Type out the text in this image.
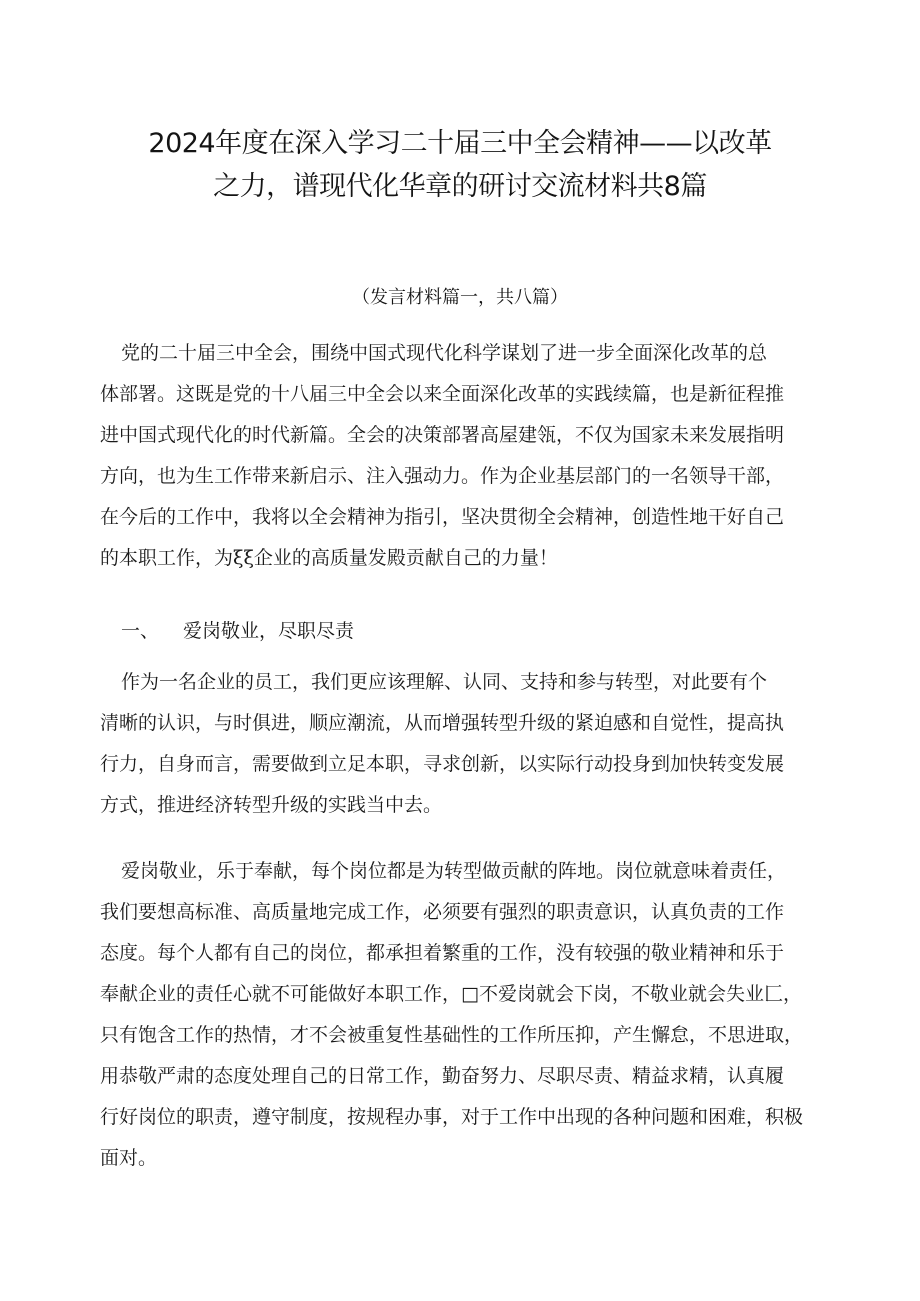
2024年度在深入学习二十届三中全会精神——以改革
之力，谱现代化华章的研讨交流材料共8篇
（发言材料篇一，共八篇）
党的二十届三中全会，围绕中国式现代化科学谋划了进一步全面深化改革的总
体部署。这既是党的十八届三中全会以来全面深化改革的实践续篇，也是新征程推
进中国式现代化的时代新篇。全会的决策部署高屋建瓴，不仅为国家未来发展指明
方向，也为生工作带来新启示、注入强动力。作为企业基层部门的一名领导干部，
在今后的工作中，我将以全会精神为指引，坚决贯彻全会精神，创造性地干好自己
的本职工作，为ξξ企业的高质量发殿贡献自己的力量！
一、 爱岗敬业，尽职尽责
作为一名企业的员工，我们更应该理解、认同、支持和参与转型，对此要有个
清晰的认识，与时俱进，顺应潮流，从而增强转型升级的紧迫感和自觉性，提高执
行力，自身而言，需要做到立足本职，寻求创新，以实际行动投身到加快转变发展
方式，推进经济转型升级的实践当中去。
爱岗敬业，乐于奉献，每个岗位都是为转型做贡献的阵地。岗位就意味着责任，
我们要想高标准、高质量地完成工作，必须要有强烈的职责意识，认真负责的工作
态度。每个人都有自己的岗位，都承担着繁重的工作，没有较强的敬业精神和乐于
奉献企业的责任心就不可能做好本职工作，□不爱岗就会下岗，不敬业就会失业匚，
只有饱含工作的热情，才不会被重复性基础性的工作所压抑，产生懈怠，不思进取，
用恭敬严肃的态度处理自己的日常工作，勤奋努力、尽职尽责、精益求精，认真履
行好岗位的职责，遵守制度，按规程办事，对于工作中出现的各种问题和困难，积极
面对。
